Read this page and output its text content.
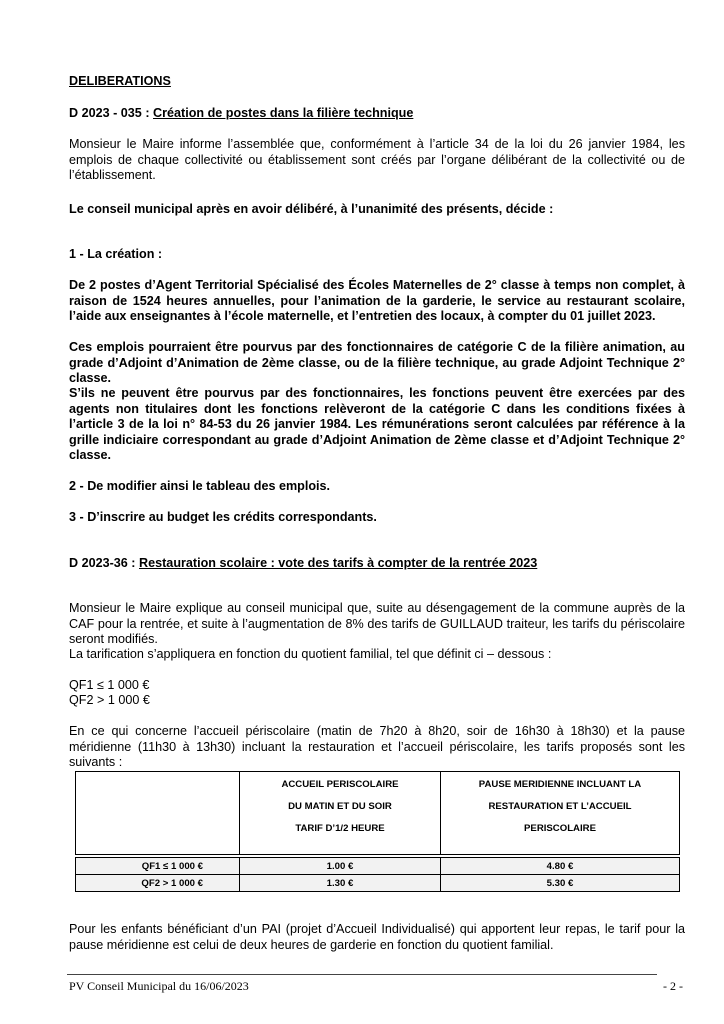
DELIBERATIONS
D 2023 - 035 : Création de postes dans la filière technique
Monsieur le Maire informe l’assemblée que, conformément à l’article 34 de la loi du 26 janvier 1984, les emplois de chaque collectivité ou établissement sont créés par l’organe délibérant de la collectivité ou de l’établissement.
Le conseil municipal après en avoir délibéré, à l’unanimité des présents, décide :
1 - La création :
De 2 postes d’Agent Territorial Spécialisé des Écoles Maternelles de 2° classe à temps non complet, à raison de 1524 heures annuelles, pour l’animation de la garderie, le service au restaurant scolaire, l’aide aux enseignantes à l’école maternelle, et l’entretien des locaux, à compter du 01 juillet 2023.
Ces emplois pourraient être pourvus par des fonctionnaires de catégorie C de la filière animation, au grade d’Adjoint d’Animation de 2ème classe, ou de la filière technique, au grade Adjoint Technique 2° classe.
S’ils ne peuvent être pourvus par des fonctionnaires, les fonctions peuvent être exercées par des agents non titulaires dont les fonctions relèveront de la catégorie C dans les conditions fixées à l’article 3 de la loi n° 84-53 du 26 janvier 1984. Les rémunérations seront calculées par référence à la grille indiciaire correspondant au grade d’Adjoint Animation de 2ème classe et d’Adjoint Technique 2° classe.
2 - De modifier ainsi le tableau des emplois.
3 - D’inscrire au budget les crédits correspondants.
D 2023-36 : Restauration scolaire : vote des tarifs à compter de la rentrée 2023
Monsieur le Maire explique au conseil municipal que, suite au désengagement de la commune auprès de la CAF pour la rentrée, et suite à l’augmentation de 8% des tarifs de GUILLAUD traiteur, les tarifs du périscolaire seront modifiés.
La tarification s’appliquera en fonction du quotient familial, tel que définit ci – dessous :
QF1 ≤ 1 000 €
QF2 > 1 000 €
En ce qui concerne l’accueil périscolaire (matin de 7h20 à 8h20, soir de 16h30 à 18h30) et la pause méridienne (11h30 à 13h30) incluant la restauration et l’accueil périscolaire, les tarifs proposés sont les suivants :

	ACCUEIL PERISCOLAIRE
DU MATIN ET DU SOIR
TARIF D’1/2 HEURE	PAUSE MERIDIENNE INCLUANT LA
RESTAURATION ET L’ACCUEIL
PERISCOLAIRE

QF1 ≤ 1 000 €	1.00 €	4.80 €
QF2 > 1 000 €	1.30 €	5.30 €
Pour les enfants bénéficiant d’un PAI (projet d’Accueil Individualisé) qui apportent leur repas, le tarif pour la pause méridienne est celui de deux heures de garderie en fonction du quotient familial.
PV Conseil Municipal du 16/06/2023	- 2 -
